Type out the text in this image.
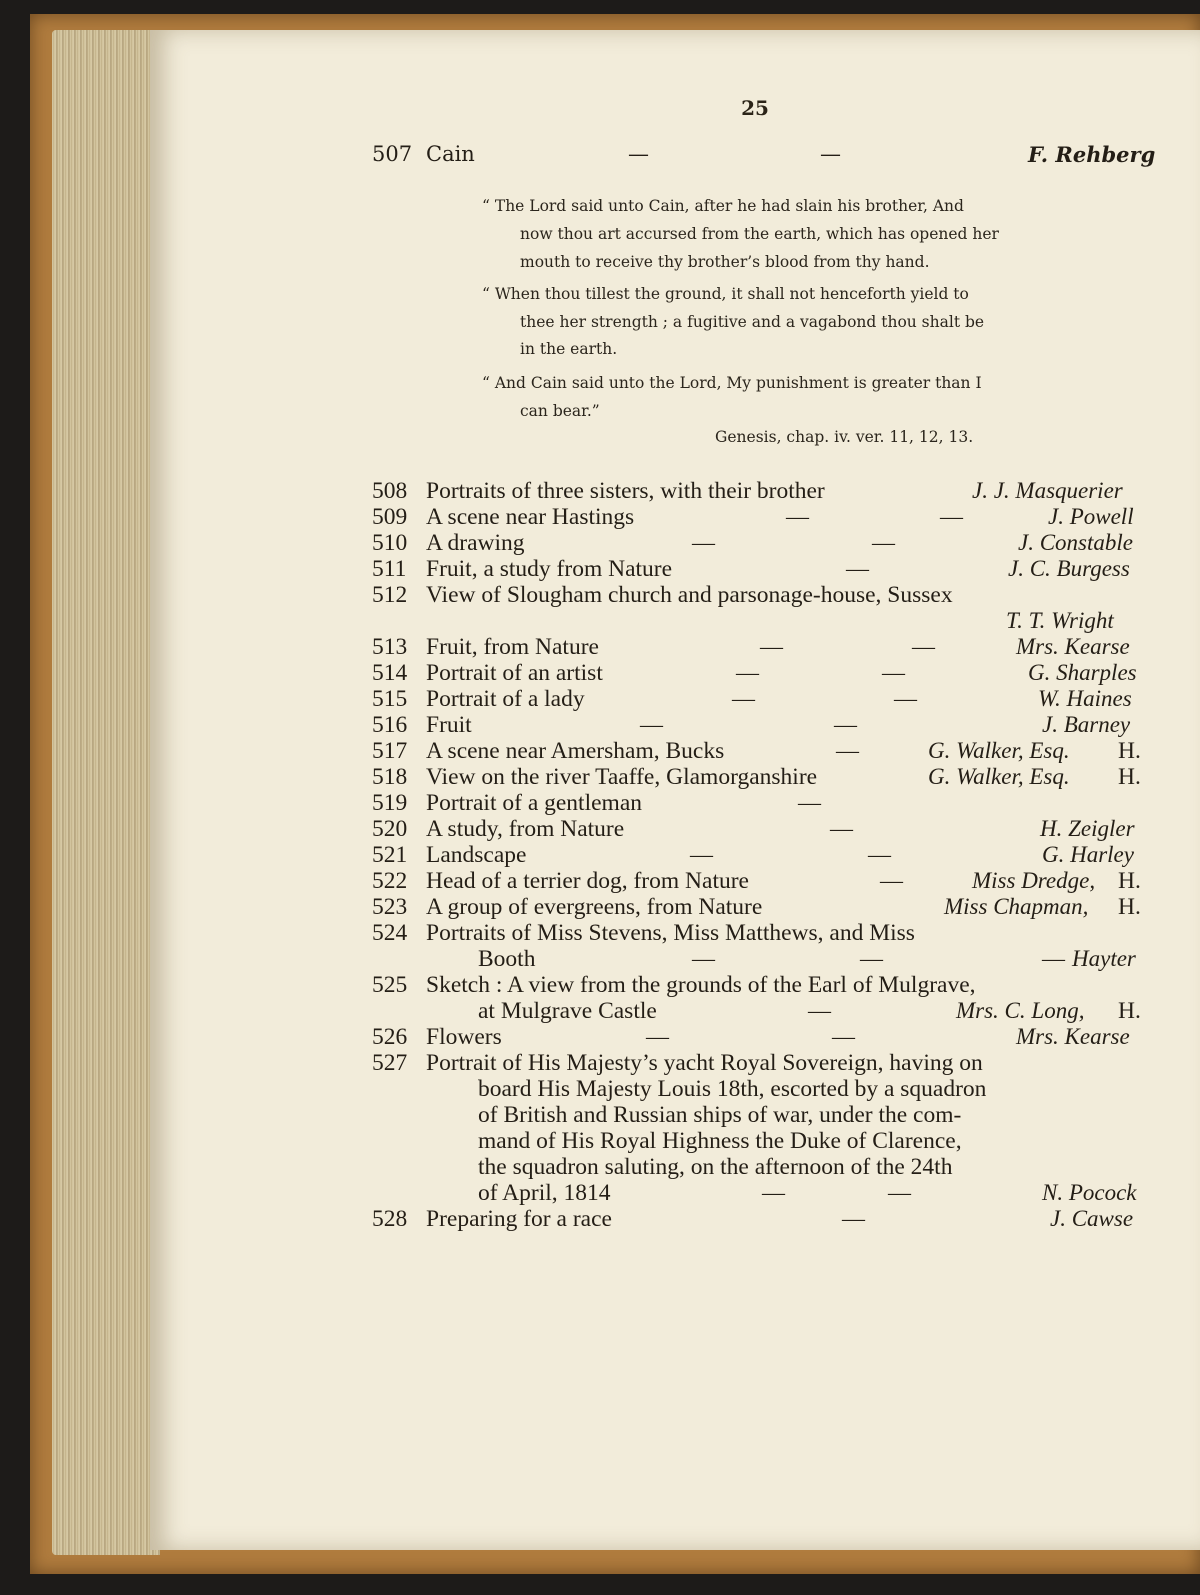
25
507 Cain	—	—	F. Rehberg
“ The Lord said unto Cain, after he had slain his brother, And
now thou art accursed from the earth, which has opened her
mouth to receive thy brother’s blood from thy hand.
“ When thou tillest the ground, it shall not henceforth yield to
thee her strength ; a fugitive and a vagabond thou shalt be
in the earth.
“ And Cain said unto the Lord, My punishment is greater than I
can bear.”
Genesis, chap. iv. ver. 11, 12, 13.
508 Portraits of three sisters, with their brother	J. J. Masquerier
509 A scene near Hastings	—	—	J. Powell
510 A drawing	—	—	J. Constable
511 Fruit, a study from Nature	—	J. C. Burgess
512 View of Slougham church and parsonage-house, Sussex
T. T. Wright
513 Fruit, from Nature	—	—	Mrs. Kearse
514 Portrait of an artist	—	—	G. Sharples
515 Portrait of a lady	—	—	W. Haines
516 Fruit	—	—	J. Barney
517 A scene near Amersham, Bucks	—	G. Walker, Esq. H.
518 View on the river Taaffe, Glamorganshire	G. Walker, Esq. H.
519 Portrait of a gentleman	—
520 A study, from Nature	—	H. Zeigler
521 Landscape	—	—	G. Harley
522 Head of a terrier dog, from Nature	—	Miss Dredge, H.
523 A group of evergreens, from Nature	Miss Chapman, H.
524 Portraits of Miss Stevens, Miss Matthews, and Miss
Booth	—	—	— Hayter
525 Sketch : A view from the grounds of the Earl of Mulgrave,
at Mulgrave Castle	—	Mrs. C. Long, H.
526 Flowers	—	—	Mrs. Kearse
527 Portrait of His Majesty’s yacht Royal Sovereign, having on
board His Majesty Louis 18th, escorted by a squadron
of British and Russian ships of war, under the com-
mand of His Royal Highness the Duke of Clarence,
the squadron saluting, on the afternoon of the 24th
of April, 1814	—	—	N. Pocock
528 Preparing for a race	—	J. Cawse
